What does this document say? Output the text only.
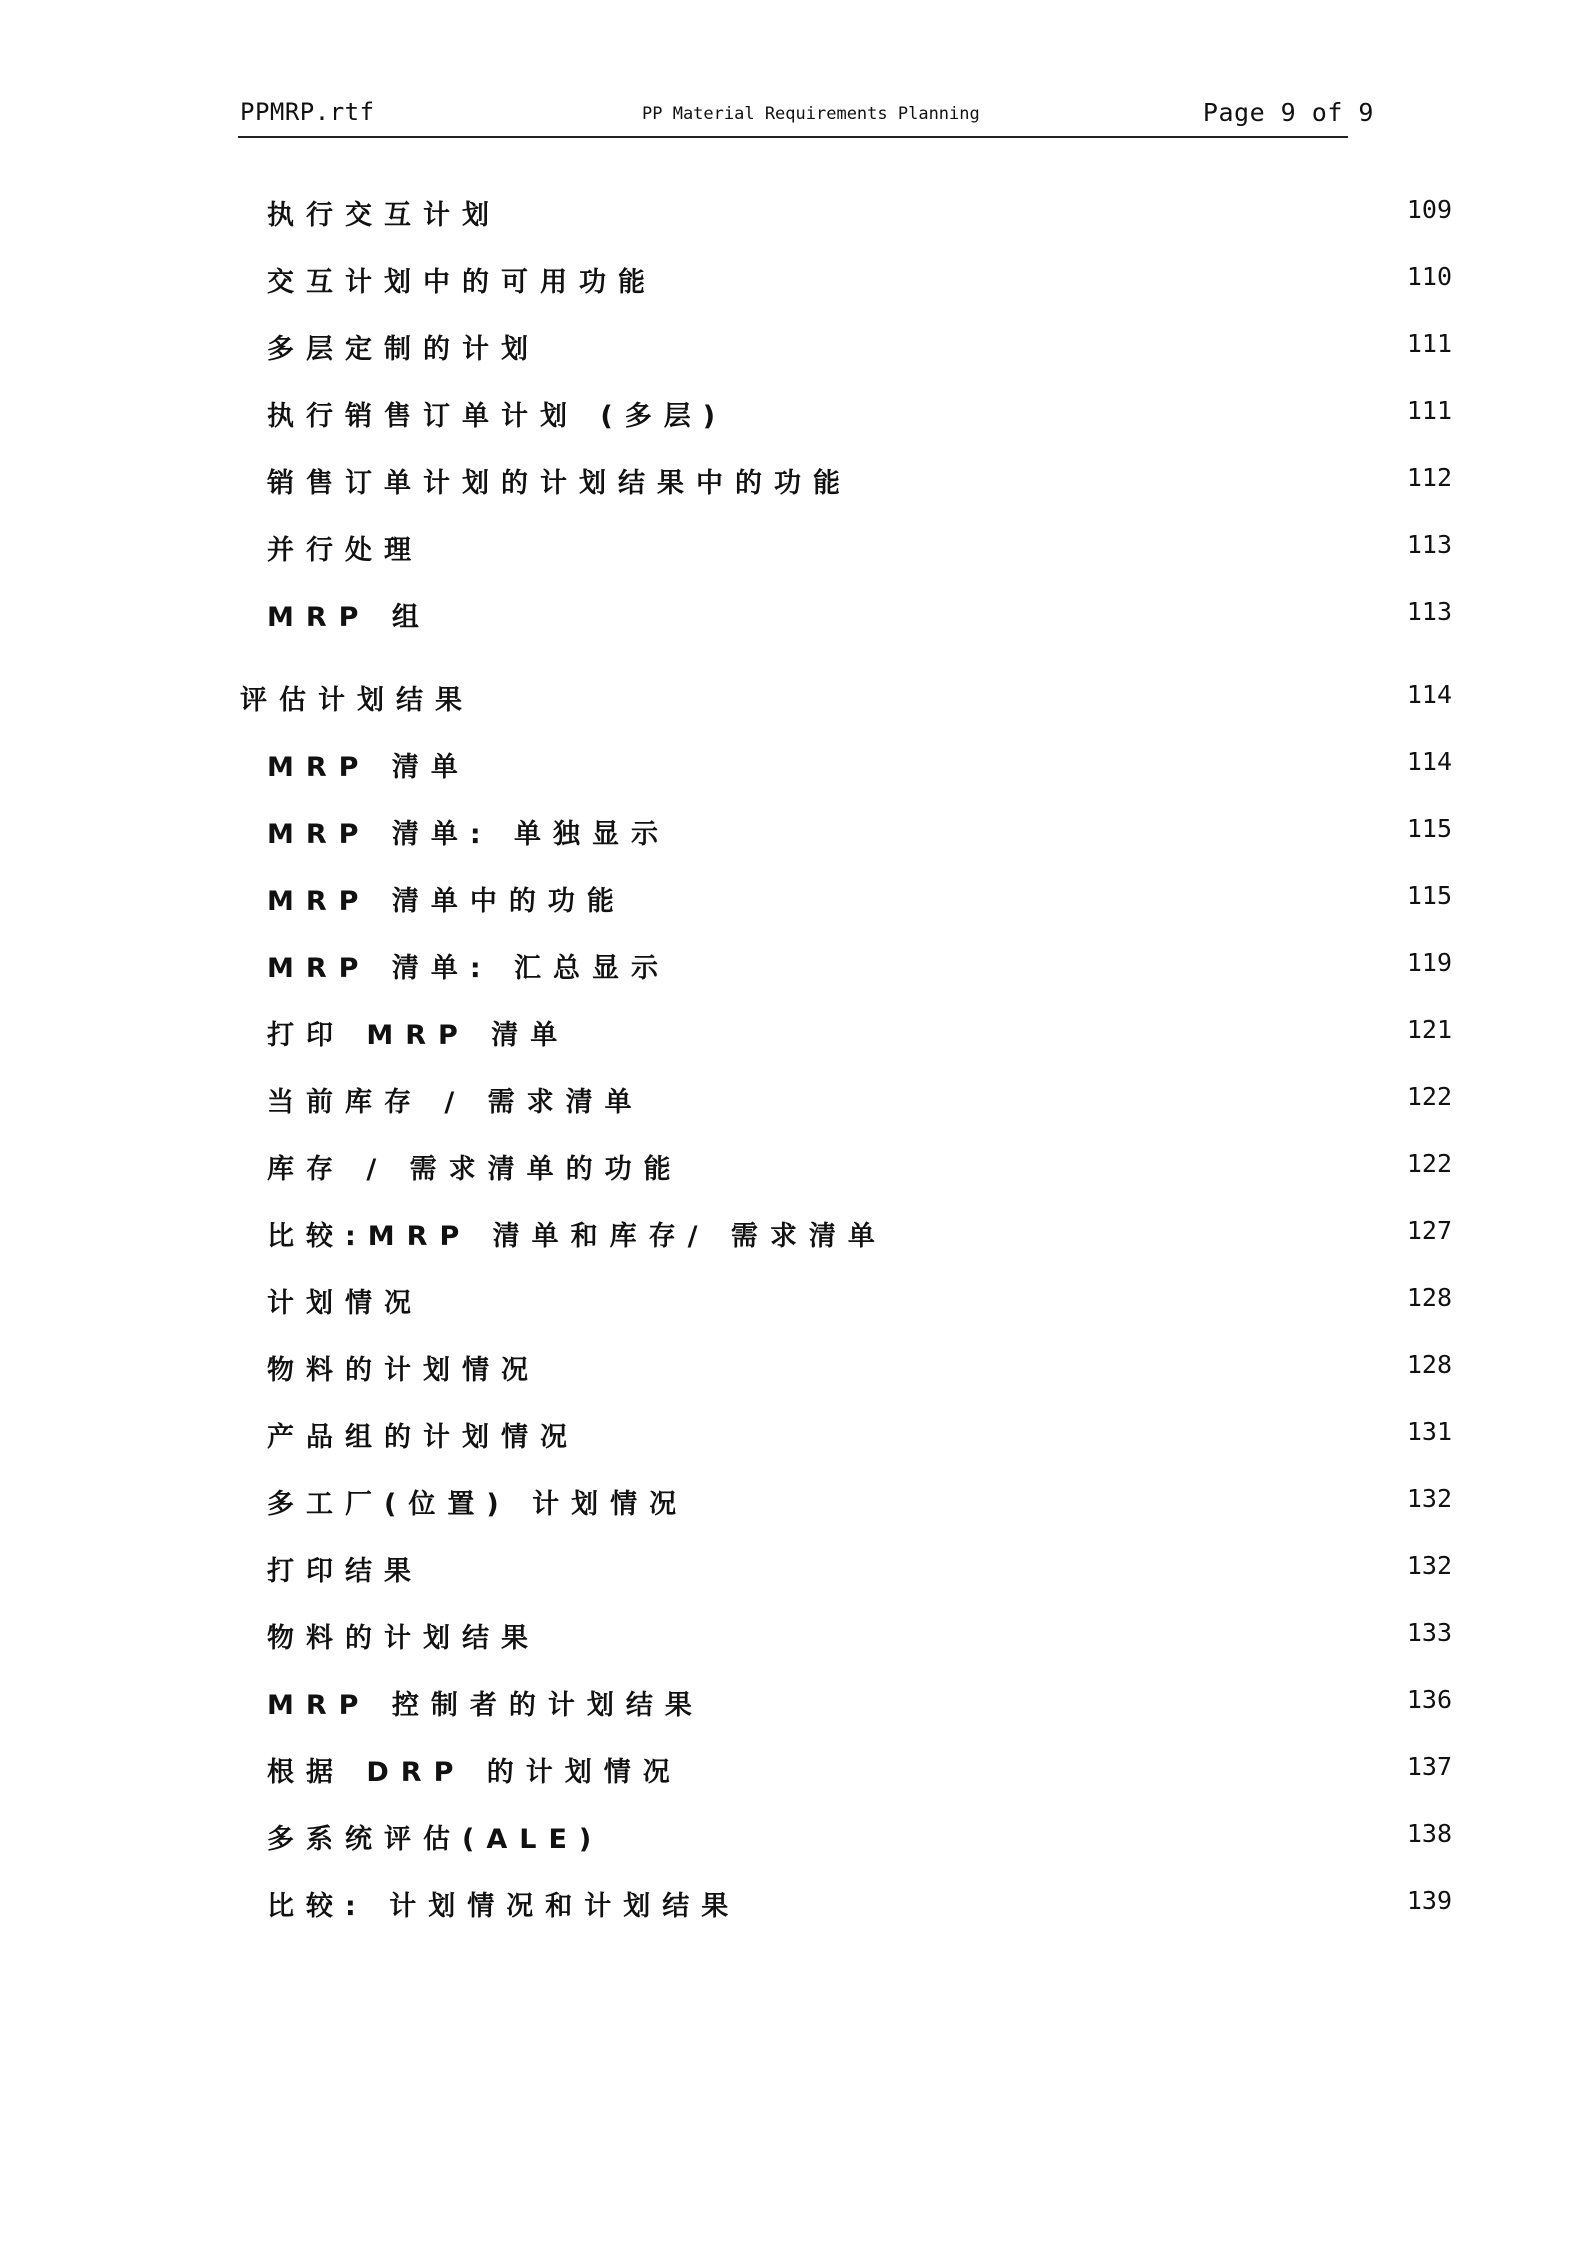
PPMRP.rtf	PP Material Requirements Planning	Page 9 of 9
执行交互计划	109
交互计划中的可用功能	110
多层定制的计划	111
执行销售订单计划 (多层)	111
销售订单计划的计划结果中的功能	112
并行处理	113
MRP 组	113
评估计划结果	114
MRP 清单	114
MRP 清单: 单独显示	115
MRP 清单中的功能	115
MRP 清单: 汇总显示	119
打印 MRP 清单	121
当前库存 / 需求清单	122
库存 / 需求清单的功能	122
比较:MRP 清单和库存/ 需求清单	127
计划情况	128
物料的计划情况	128
产品组的计划情况	131
多工厂(位置) 计划情况	132
打印结果	132
物料的计划结果	133
MRP 控制者的计划结果	136
根据 DRP 的计划情况	137
多系统评估(ALE)	138
比较: 计划情况和计划结果	139
